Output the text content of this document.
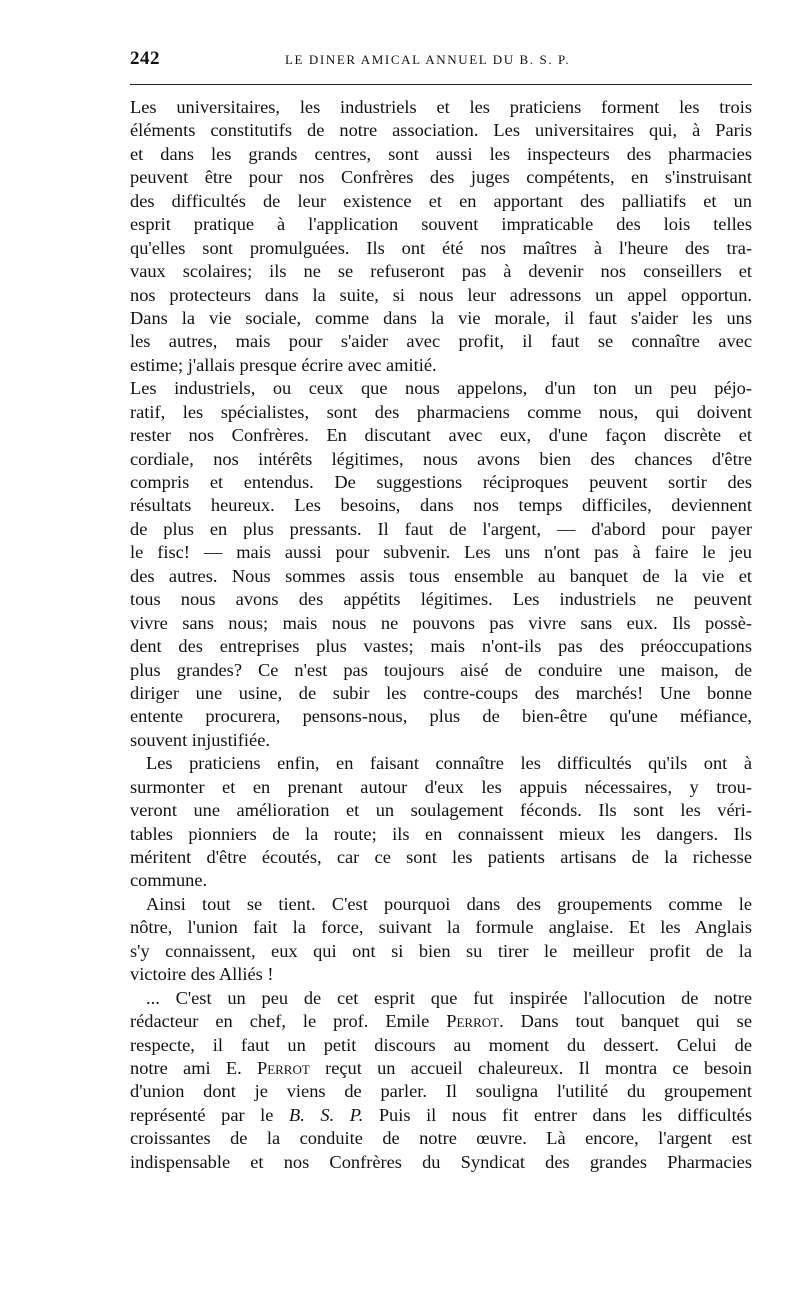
242	LE DINER AMICAL ANNUEL DU B. S. P.
Les universitaires, les industriels et les praticiens forment les trois
éléments constitutifs de notre association. Les universitaires qui, à Paris
et dans les grands centres, sont aussi les inspecteurs des pharmacies
peuvent être pour nos Confrères des juges compétents, en s'instruisant
des difficultés de leur existence et en apportant des palliatifs et un
esprit pratique à l'application souvent impraticable des lois telles
qu'elles sont promulguées. Ils ont été nos maîtres à l'heure des tra-
vaux scolaires; ils ne se refuseront pas à devenir nos conseillers et
nos protecteurs dans la suite, si nous leur adressons un appel opportun.
Dans la vie sociale, comme dans la vie morale, il faut s'aider les uns
les autres, mais pour s'aider avec profit, il faut se connaître avec
estime; j'allais presque écrire avec amitié.
Les industriels, ou ceux que nous appelons, d'un ton un peu péjo-
ratif, les spécialistes, sont des pharmaciens comme nous, qui doivent
rester nos Confrères. En discutant avec eux, d'une façon discrète et
cordiale, nos intérêts légitimes, nous avons bien des chances d'être
compris et entendus. De suggestions réciproques peuvent sortir des
résultats heureux. Les besoins, dans nos temps difficiles, deviennent
de plus en plus pressants. Il faut de l'argent, — d'abord pour payer
le fisc! — mais aussi pour subvenir. Les uns n'ont pas à faire le jeu
des autres. Nous sommes assis tous ensemble au banquet de la vie et
tous nous avons des appétits légitimes. Les industriels ne peuvent
vivre sans nous; mais nous ne pouvons pas vivre sans eux. Ils possè-
dent des entreprises plus vastes; mais n'ont-ils pas des préoccupations
plus grandes? Ce n'est pas toujours aisé de conduire une maison, de
diriger une usine, de subir les contre-coups des marchés! Une bonne
entente procurera, pensons-nous, plus de bien-être qu'une méfiance,
souvent injustifiée.
Les praticiens enfin, en faisant connaître les difficultés qu'ils ont à
surmonter et en prenant autour d'eux les appuis nécessaires, y trou-
veront une amélioration et un soulagement féconds. Ils sont les véri-
tables pionniers de la route; ils en connaissent mieux les dangers. Ils
méritent d'être écoutés, car ce sont les patients artisans de la richesse
commune.
Ainsi tout se tient. C'est pourquoi dans des groupements comme le
nôtre, l'union fait la force, suivant la formule anglaise. Et les Anglais
s'y connaissent, eux qui ont si bien su tirer le meilleur profit de la
victoire des Alliés !
... C'est un peu de cet esprit que fut inspirée l'allocution de notre
rédacteur en chef, le prof. Emile Perrot. Dans tout banquet qui se
respecte, il faut un petit discours au moment du dessert. Celui de
notre ami E. Perrot reçut un accueil chaleureux. Il montra ce besoin
d'union dont je viens de parler. Il souligna l'utilité du groupement
représenté par le B. S. P. Puis il nous fit entrer dans les difficultés
croissantes de la conduite de notre œuvre. Là encore, l'argent est
indispensable et nos Confrères du Syndicat des grandes Pharmacies
